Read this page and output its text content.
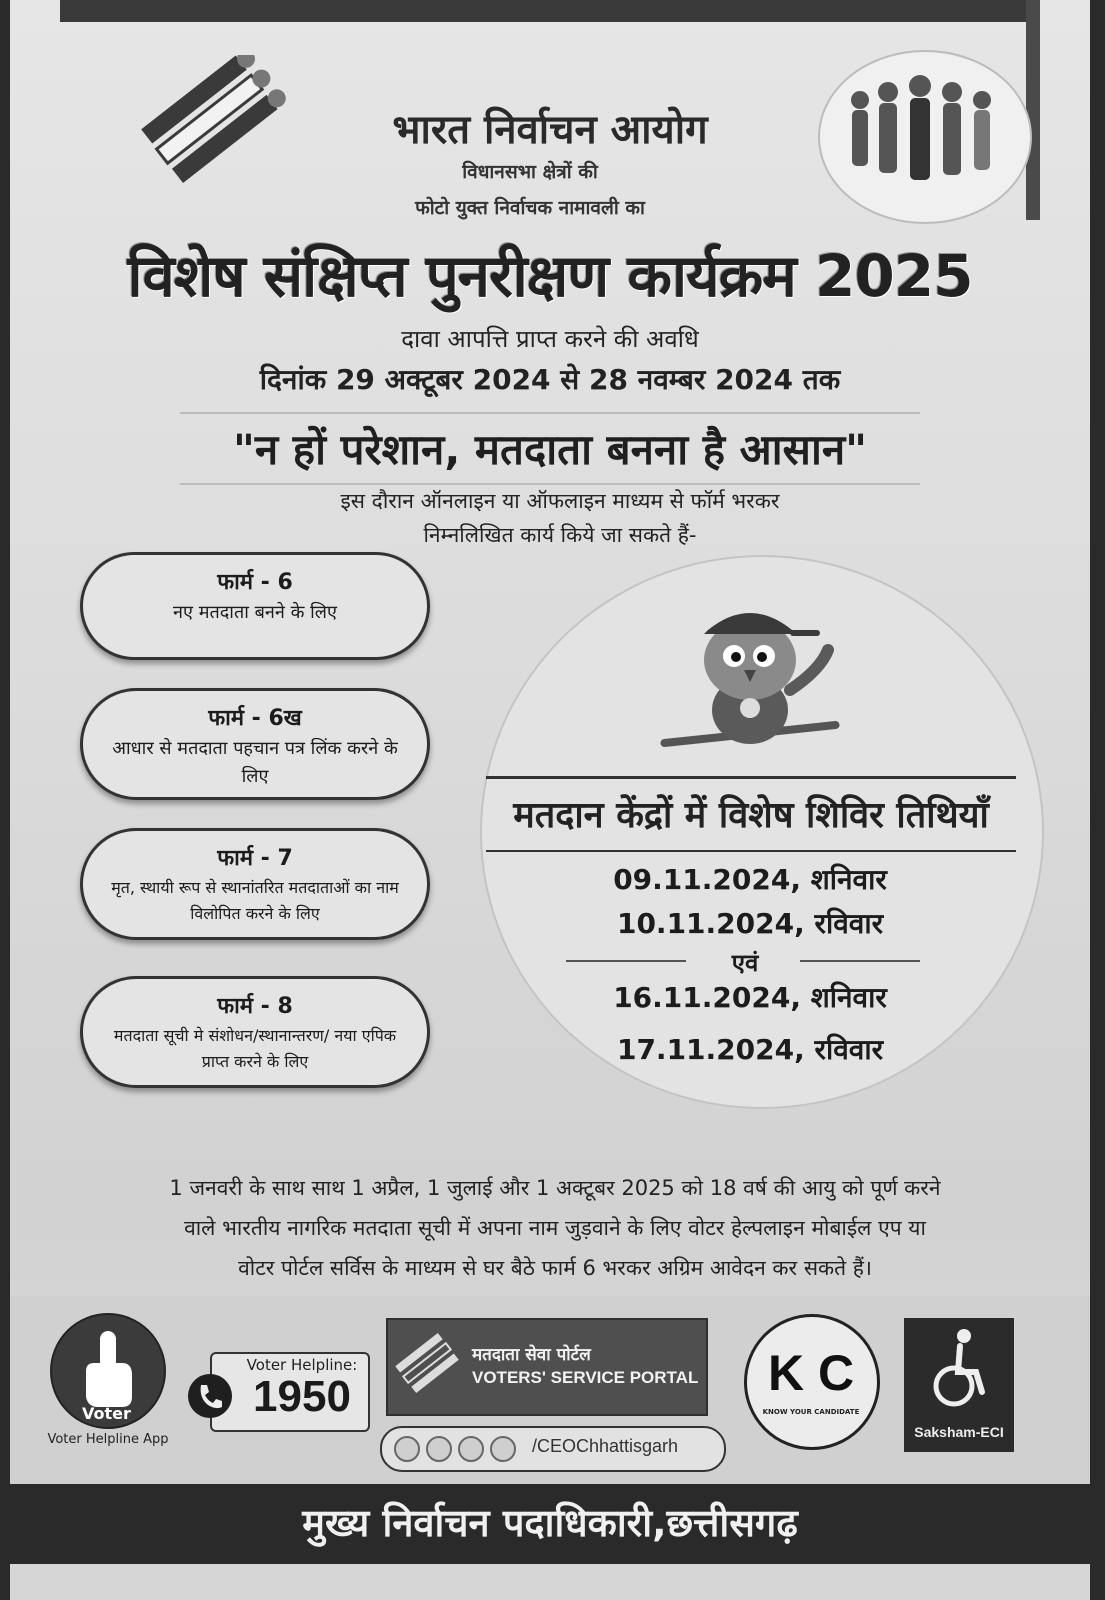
भारत निर्वाचन आयोग
विधानसभा क्षेत्रों की
फोटो युक्त निर्वाचक नामावली का
विशेष संक्षिप्त पुनरीक्षण कार्यक्रम 2025
दावा आपत्ति प्राप्त करने की अवधि
दिनांक 29 अक्टूबर 2024 से 28 नवम्बर 2024 तक
"न हों परेशान, मतदाता बनना है आसान"
इस दौरान ऑनलाइन या ऑफलाइन माध्यम से फॉर्म भरकर
निम्नलिखित कार्य किये जा सकते हैं-
फार्म - 6
नए मतदाता बनने के लिए
फार्म - 6ख
आधार से मतदाता पहचान पत्र लिंक करने के लिए
फार्म - 7
मृत, स्थायी रूप से स्थानांतरित मतदाताओं का नाम विलोपित करने के लिए
फार्म - 8
मतदाता सूची मे संशोधन/स्थानान्तरण/ नया एपिक प्राप्त करने के लिए
मतदान केंद्रों में विशेष शिविर तिथियाँ
09.11.2024, शनिवार
10.11.2024, रविवार
एवं
16.11.2024, शनिवार
17.11.2024, रविवार
1 जनवरी के साथ साथ 1 अप्रैल, 1 जुलाई और 1 अक्टूबर 2025 को 18 वर्ष की आयु को पूर्ण करने
वाले भारतीय नागरिक मतदाता सूची में अपना नाम जुड़वाने के लिए वोटर हेल्पलाइन मोबाईल एप या
वोटर पोर्टल सर्विस के माध्यम से घर बैठे फार्म 6 भरकर अग्रिम आवेदन कर सकते हैं।
Voter
Voter Helpline App
Voter Helpline:
1950
मतदाता सेवा पोर्टल
VOTERS' SERVICE PORTAL
/CEOChhattisgarh
K C
KNOW YOUR CANDIDATE
Saksham-ECI
मुख्य निर्वाचन पदाधिकारी,छत्तीसगढ़
